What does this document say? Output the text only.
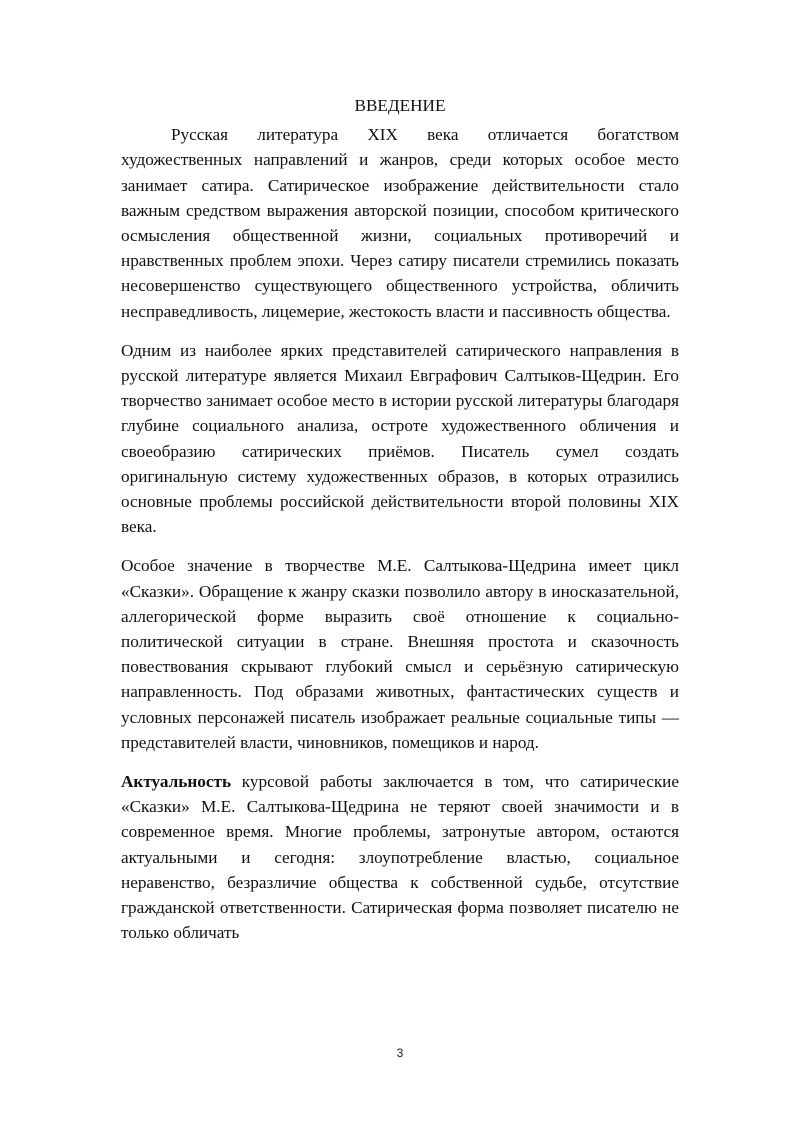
ВВЕДЕНИЕ

Русская литература XIX века отличается богатством художественных направлений и жанров, среди которых особое место занимает сатира. Сатирическое изображение действительности стало важным средством выражения авторской позиции, способом критического осмысления общественной жизни, социальных противоречий и нравственных проблем эпохи. Через сатиру писатели стремились показать несовершенство существующего общественного устройства, обличить несправедливость, лицемерие, жестокость власти и пассивность общества.

Одним из наиболее ярких представителей сатирического направления в русской литературе является Михаил Евграфович Салтыков-Щедрин. Его творчество занимает особое место в истории русской литературы благодаря глубине социального анализа, остроте художественного обличения и своеобразию сатирических приёмов. Писатель сумел создать оригинальную систему художественных образов, в которых отразились основные проблемы российской действительности второй половины XIX века.

Особое значение в творчестве М.Е. Салтыкова-Щедрина имеет цикл «Сказки». Обращение к жанру сказки позволило автору в иносказательной, аллегорической форме выразить своё отношение к социально-политической ситуации в стране. Внешняя простота и сказочность повествования скрывают глубокий смысл и серьёзную сатирическую направленность. Под образами животных, фантастических существ и условных персонажей писатель изображает реальные социальные типы — представителей власти, чиновников, помещиков и народ.

Актуальность курсовой работы заключается в том, что сатирические «Сказки» М.Е. Салтыкова-Щедрина не теряют своей значимости и в современное время. Многие проблемы, затронутые автором, остаются актуальными и сегодня: злоупотребление властью, социальное неравенство, безразличие общества к собственной судьбе, отсутствие гражданской ответственности. Сатирическая форма позволяет писателю не только обличать

3
